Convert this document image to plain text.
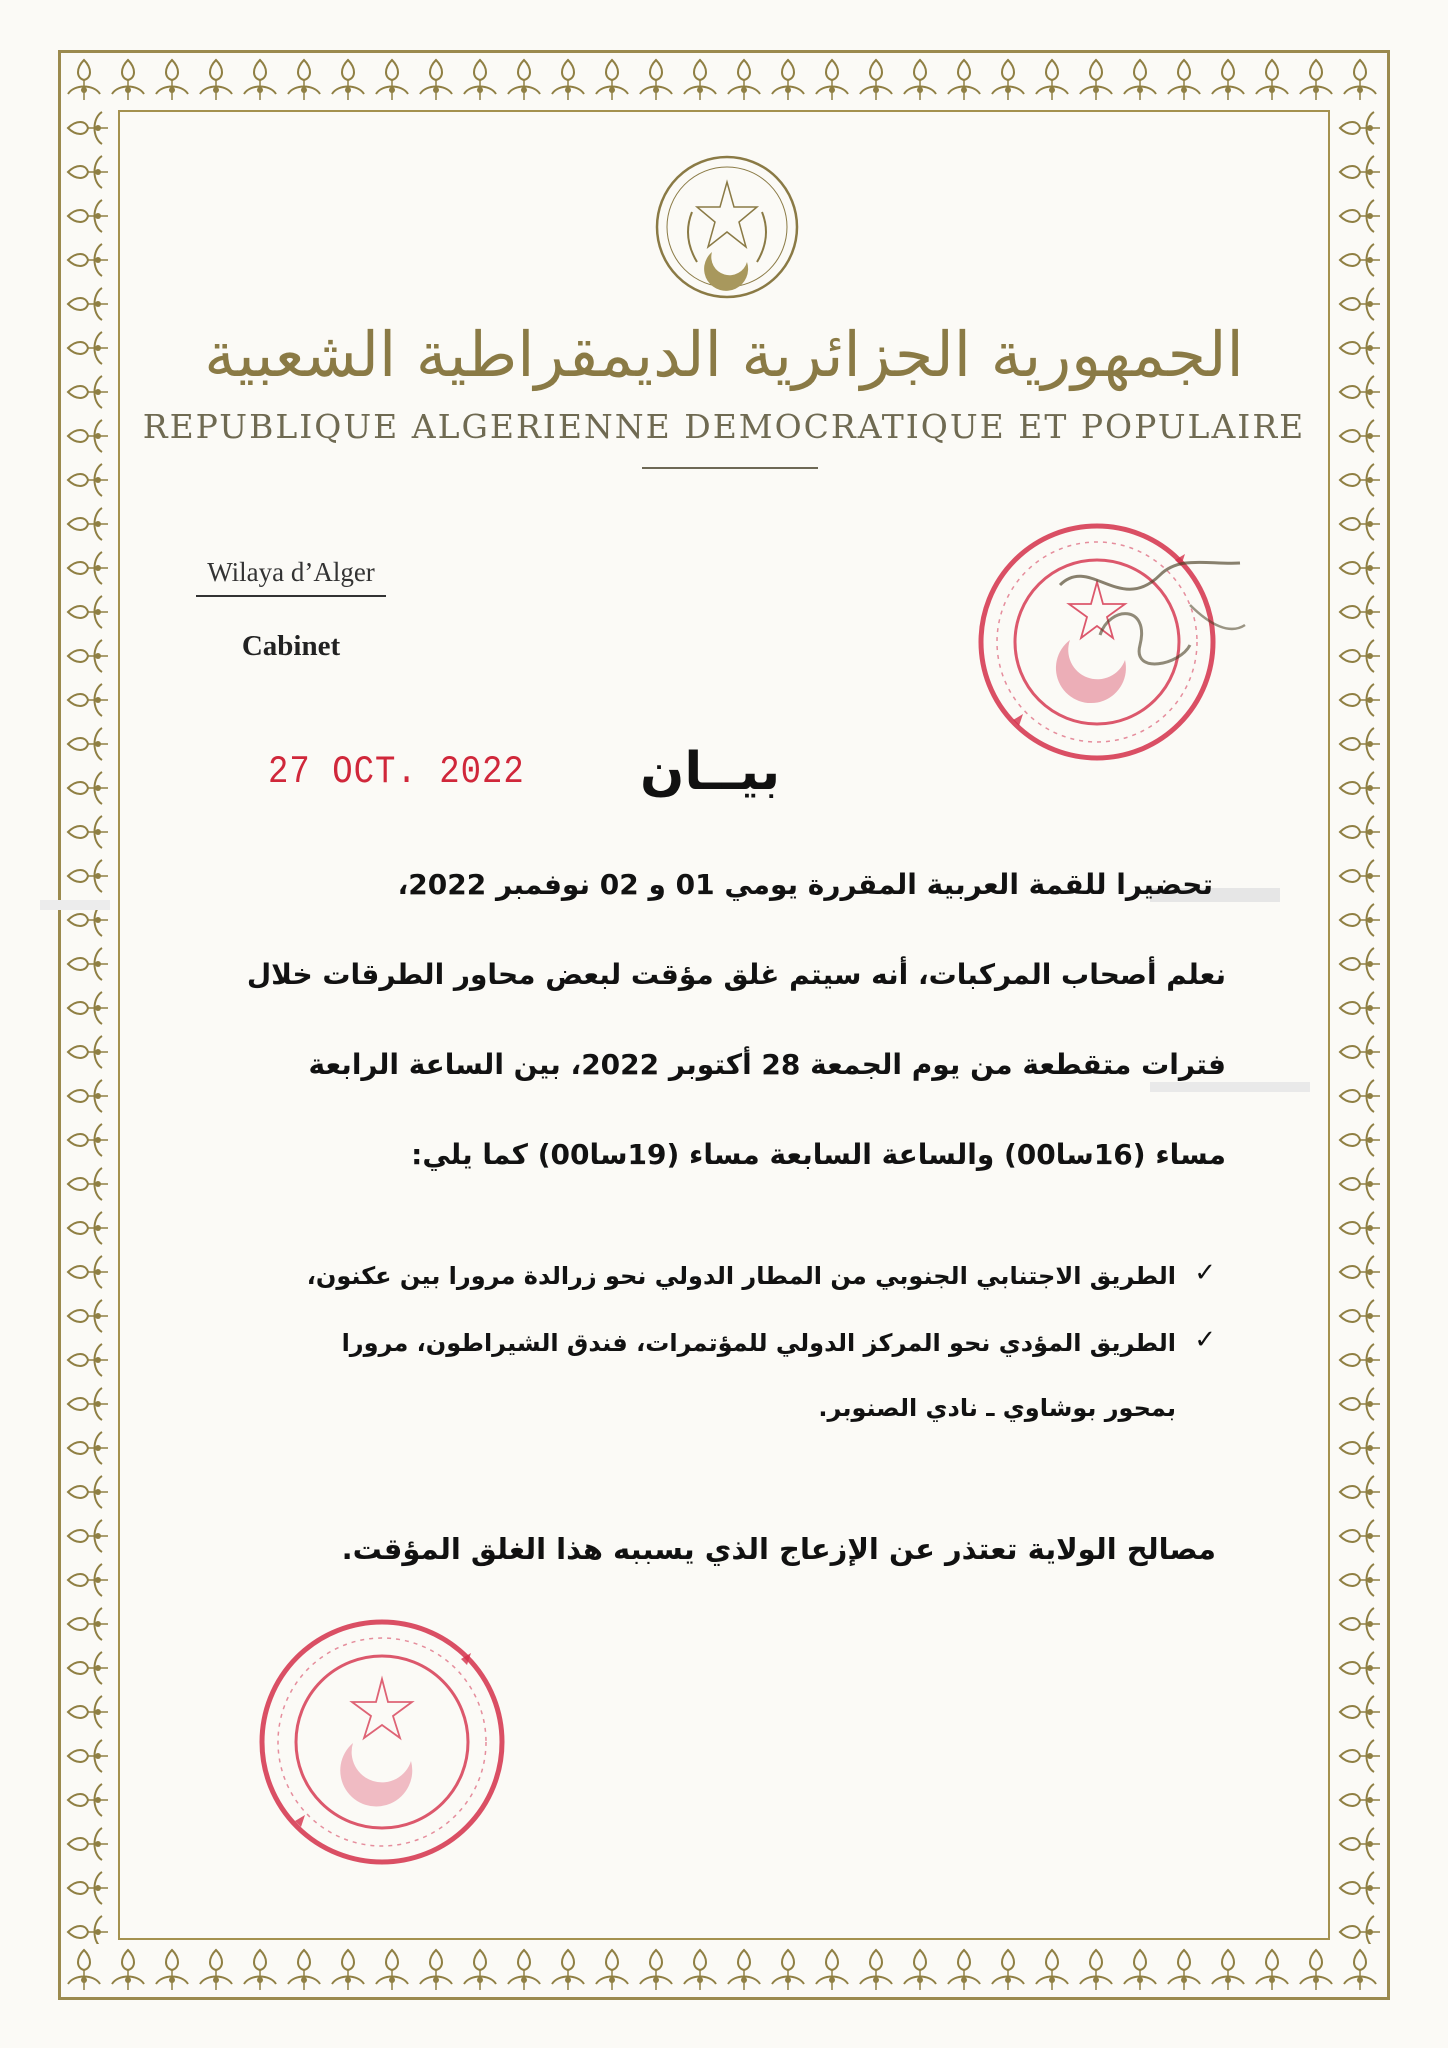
الجمهورية الجزائرية الديمقراطية الشعبية
REPUBLIQUE ALGERIENNE DEMOCRATIQUE ET POPULAIRE
Wilaya d’Alger
Cabinet
27 OCT. 2022 بيــان
تحضيرا للقمة العربية المقررة يومي 01 و 02 نوفمبر 2022،
نعلم أصحاب المركبات، أنه سيتم غلق مؤقت لبعض محاور الطرقات خلال
فترات متقطعة من يوم الجمعة 28 أكتوبر 2022، بين الساعة الرابعة
مساء (16سا00) والساعة السابعة مساء (19سا00) كما يلي:
✓
الطريق الاجتنابي الجنوبي من المطار الدولي نحو زرالدة مرورا بين عكنون،
✓
الطريق المؤدي نحو المركز الدولي للمؤتمرات، فندق الشيراطون، مرورا
بمحور بوشاوي ـ نادي الصنوبر.
مصالح الولاية تعتذر عن الإزعاج الذي يسببه هذا الغلق المؤقت.
